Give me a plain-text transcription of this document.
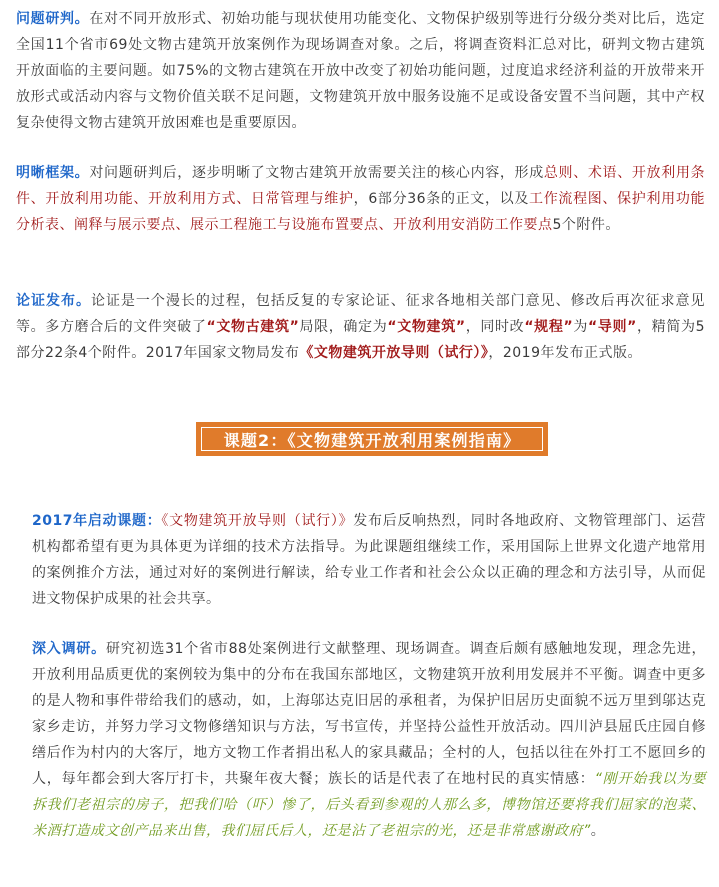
问题研判。在对不同开放形式、初始功能与现状使用功能变化、文物保护级别等进行分级分类对比后，选定全国11个省市69处文物古建筑开放案例作为现场调查对象。之后，将调查资料汇总对比，研判文物古建筑开放面临的主要问题。如75%的文物古建筑在开放中改变了初始功能问题，过度追求经济利益的开放带来开放形式或活动内容与文物价值关联不足问题，文物建筑开放中服务设施不足或设备安置不当问题，其中产权复杂使得文物古建筑开放困难也是重要原因。

明晰框架。对问题研判后，逐步明晰了文物古建筑开放需要关注的核心内容，形成总则、术语、开放利用条件、开放利用功能、开放利用方式、日常管理与维护，6部分36条的正文，以及工作流程图、保护利用功能分析表、阐释与展示要点、展示工程施工与设施布置要点、开放利用安消防工作要点5个附件。

论证发布。论证是一个漫长的过程，包括反复的专家论证、征求各地相关部门意见、修改后再次征求意见等。多方磨合后的文件突破了“文物古建筑”局限，确定为“文物建筑”，同时改“规程”为“导则”，精简为5部分22条4个附件。2017年国家文物局发布《文物建筑开放导则（试行）》，2019年发布正式版。

课题2：《文物建筑开放利用案例指南》

2017年启动课题：《文物建筑开放导则（试行）》发布后反响热烈，同时各地政府、文物管理部门、运营机构都希望有更为具体更为详细的技术方法指导。为此课题组继续工作，采用国际上世界文化遗产地常用的案例推介方法，通过对好的案例进行解读，给专业工作者和社会公众以正确的理念和方法引导，从而促进文物保护成果的社会共享。

深入调研。研究初选31个省市88处案例进行文献整理、现场调查。调查后颇有感触地发现，理念先进，开放利用品质更优的案例较为集中的分布在我国东部地区，文物建筑开放利用发展并不平衡。调查中更多的是人物和事件带给我们的感动，如，上海邬达克旧居的承租者，为保护旧居历史面貌不远万里到邬达克家乡走访，并努力学习文物修缮知识与方法，写书宣传，并坚持公益性开放活动。四川泸县屈氏庄园自修缮后作为村内的大客厅，地方文物工作者捐出私人的家具藏品；全村的人，包括以往在外打工不愿回乡的人，每年都会到大客厅打卡，共聚年夜大餐；族长的话是代表了在地村民的真实情感：“刚开始我以为要拆我们老祖宗的房子，把我们哈（吓）惨了，后头看到参观的人那么多，博物馆还要将我们屈家的泡菜、米酒打造成文创产品来出售，我们屈氏后人，还是沾了老祖宗的光，还是非常感谢政府”。
